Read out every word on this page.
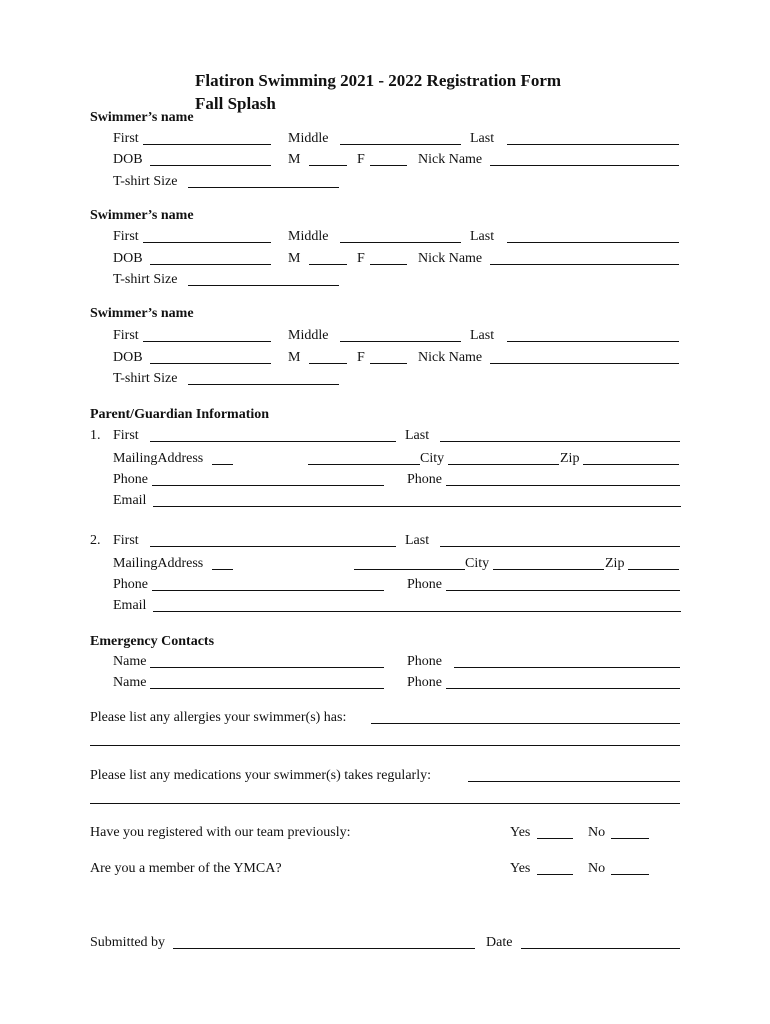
Flatiron Swimming 2021 - 2022 Registration Form
Fall Splash
Swimmer’s name
First	Middle	Last
DOB	M	F	Nick Name
T-shirt Size
Swimmer’s name
First	Middle	Last
DOB	M	F	Nick Name
T-shirt Size
Swimmer’s name
First	Middle	Last
DOB	M	F	Nick Name
T-shirt Size
Parent/Guardian Information
1. First	Last
MailingAddress	City	Zip
Phone	Phone
Email
2. First	Last
MailingAddress	City	Zip
Phone	Phone
Email
Emergency Contacts
Name	Phone
Name	Phone
Please list any allergies your swimmer(s) has:
Please list any medications your swimmer(s) takes regularly:
Have you registered with our team previously:	Yes	No
Are you a member of the YMCA?	Yes	No
Submitted by	Date
